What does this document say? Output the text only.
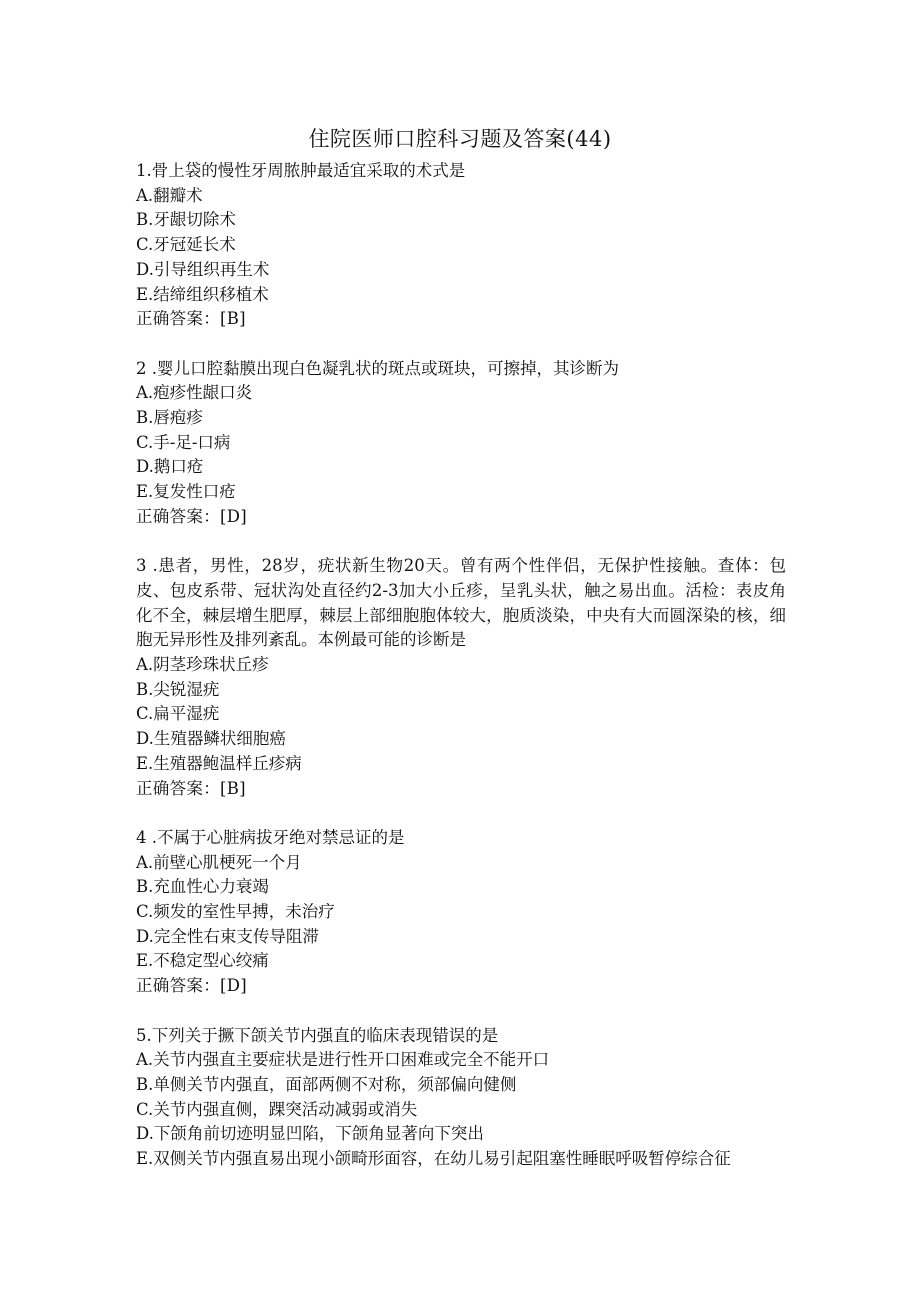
住院医师口腔科习题及答案(44)
1.骨上袋的慢性牙周脓肿最适宜采取的术式是
A.翻瓣术
B.牙龈切除术
C.牙冠延长术
D.引导组织再生术
E.结缔组织移植术
正确答案：[B]
2 .婴儿口腔黏膜出现白色凝乳状的斑点或斑块，可擦掉，其诊断为
A.疱疹性龈口炎
B.唇疱疹
C.手-足-口病
D.鹅口疮
E.复发性口疮
正确答案：[D]
3 .患者，男性，28岁，疣状新生物20天。曾有两个性伴侣，无保护性接触。查体：包皮、包皮系带、冠状沟处直径约2-3加大小丘疹，呈乳头状，触之易出血。活检：表皮角化不全，棘层增生肥厚，棘层上部细胞胞体较大，胞质淡染，中央有大而圆深染的核，细胞无异形性及排列紊乱。本例最可能的诊断是
A.阴茎珍珠状丘疹
B.尖锐湿疣
C.扁平湿疣
D.生殖器鳞状细胞癌
E.生殖器鲍温样丘疹病
正确答案：[B]
4 .不属于心脏病拔牙绝对禁忌证的是
A.前壁心肌梗死一个月
B.充血性心力衰竭
C.频发的室性早搏，未治疗
D.完全性右束支传导阻滞
E.不稳定型心绞痛
正确答案：[D]
5.下列关于撅下颌关节内强直的临床表现错误的是
A.关节内强直主要症状是进行性开口困难或完全不能开口
B.单侧关节内强直，面部两侧不对称，须部偏向健侧
C.关节内强直侧，踝突活动减弱或消失
D.下颌角前切迹明显凹陷，下颌角显著向下突出
E.双侧关节内强直易出现小颌畸形面容，在幼儿易引起阻塞性睡眠呼吸暂停综合征
